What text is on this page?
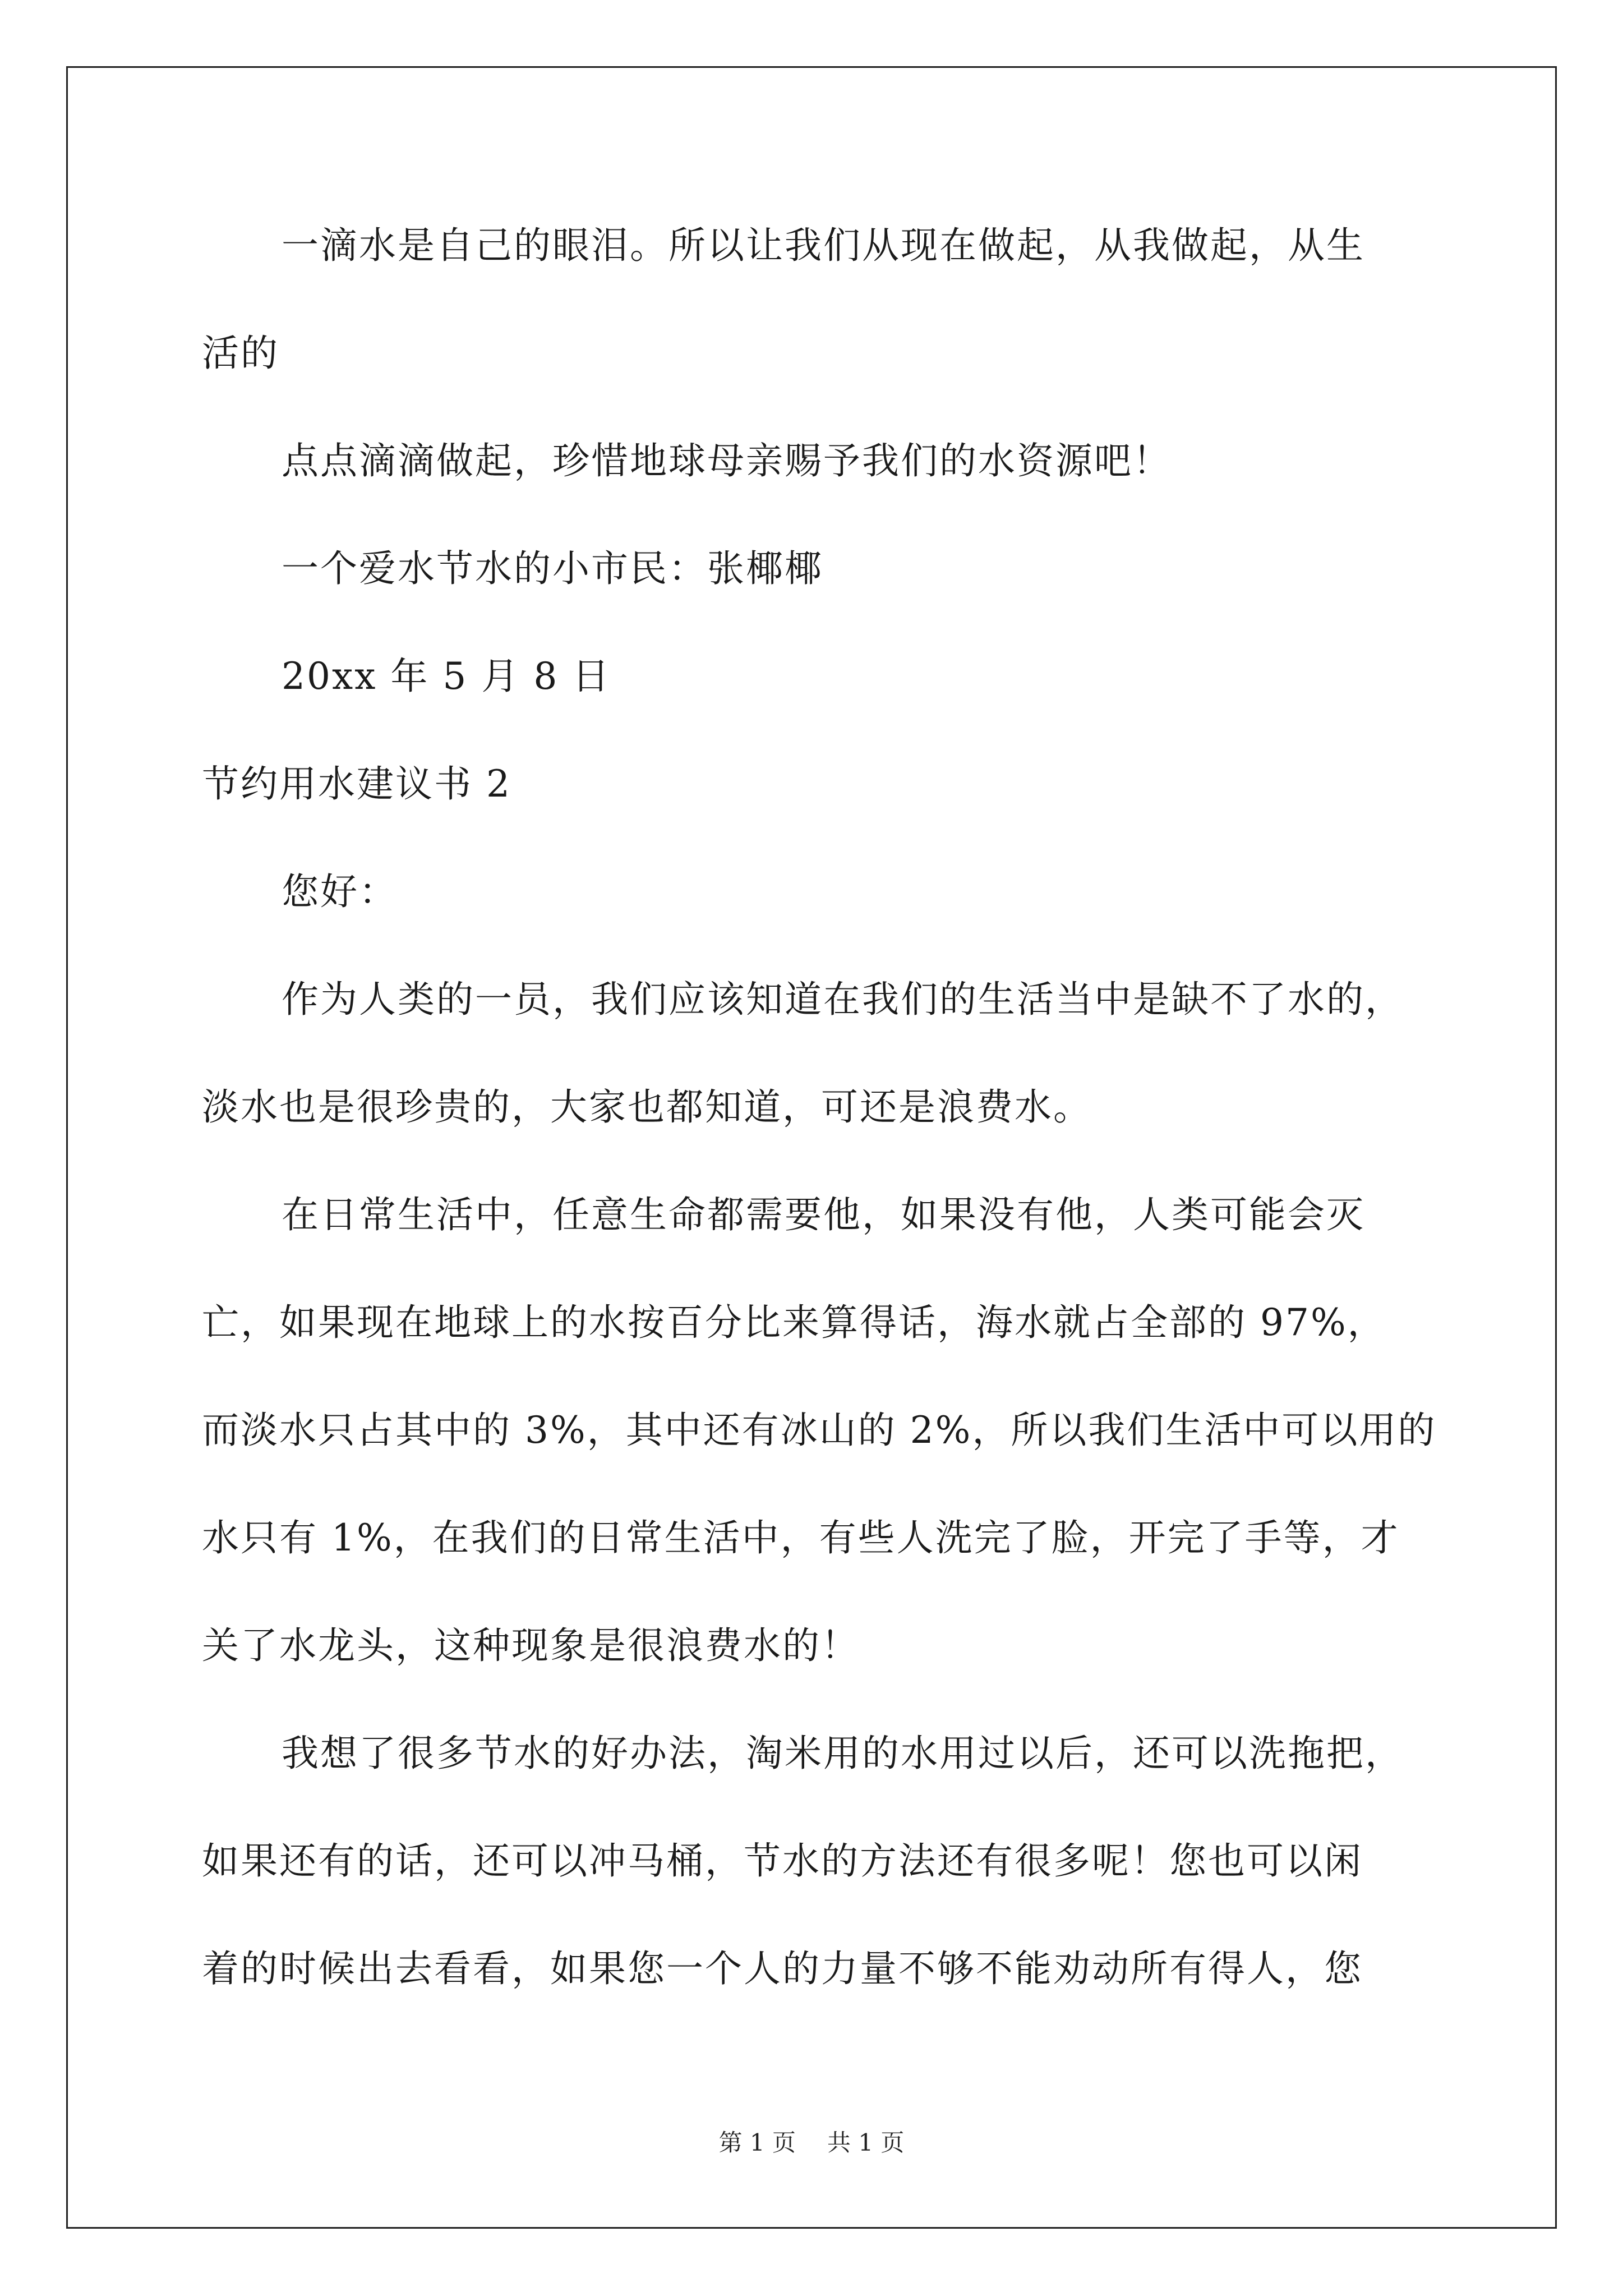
一滴水是自己的眼泪。所以让我们从现在做起，从我做起，从生
活的
点点滴滴做起，珍惜地球母亲赐予我们的水资源吧！
一个爱水节水的小市民：张椰椰
20xx 年 5 月 8 日
节约用水建议书 2
您好：
作为人类的一员，我们应该知道在我们的生活当中是缺不了水的，
淡水也是很珍贵的，大家也都知道，可还是浪费水。
在日常生活中，任意生命都需要他，如果没有他，人类可能会灭
亡，如果现在地球上的水按百分比来算得话，海水就占全部的 97%，
而淡水只占其中的 3%，其中还有冰山的 2%，所以我们生活中可以用的
水只有 1%，在我们的日常生活中，有些人洗完了脸，开完了手等，才
关了水龙头，这种现象是很浪费水的！
我想了很多节水的好办法，淘米用的水用过以后，还可以洗拖把，
如果还有的话，还可以冲马桶，节水的方法还有很多呢！您也可以闲
着的时候出去看看，如果您一个人的力量不够不能劝动所有得人，您
第 1 页 共 1 页
